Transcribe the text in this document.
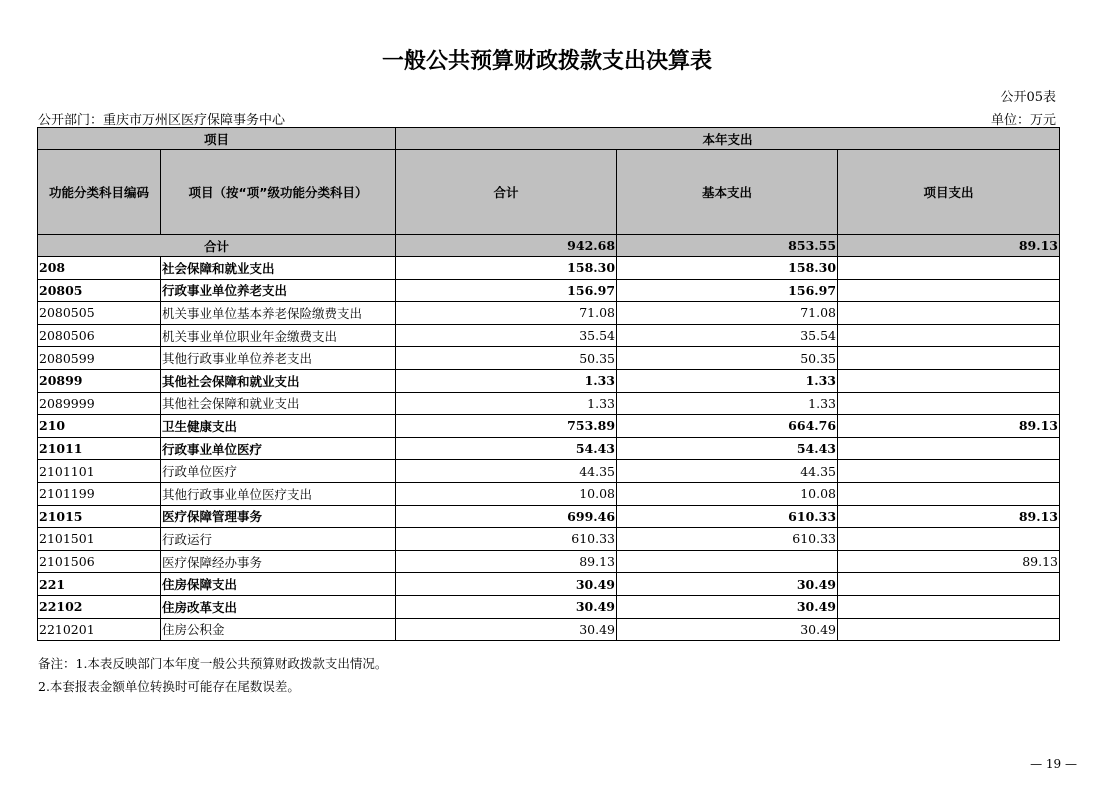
一般公共预算财政拨款支出决算表
公开05表
公开部门：重庆市万州区医疗保障事务中心	单位：万元
项目		本年支出		
功能分类科目编码	项目（按“项”级功能分类科目）	合计	基本支出	项目支出
合计		942.68	853.55	89.13
208	社会保障和就业支出	158.30	158.30	
20805	行政事业单位养老支出	156.97	156.97	
2080505	机关事业单位基本养老保险缴费支出	71.08	71.08	
2080506	机关事业单位职业年金缴费支出	35.54	35.54	
2080599	其他行政事业单位养老支出	50.35	50.35	
20899	其他社会保障和就业支出	1.33	1.33	
2089999	其他社会保障和就业支出	1.33	1.33	
210	卫生健康支出	753.89	664.76	89.13
21011	行政事业单位医疗	54.43	54.43	
2101101	行政单位医疗	44.35	44.35	
2101199	其他行政事业单位医疗支出	10.08	10.08	
21015	医疗保障管理事务	699.46	610.33	89.13
2101501	行政运行	610.33	610.33	
2101506	医疗保障经办事务	89.13		89.13
221	住房保障支出	30.49	30.49	
22102	住房改革支出	30.49	30.49	
2210201	住房公积金	30.49	30.49	
备注：1.本表反映部门本年度一般公共预算财政拨款支出情况。
2.本套报表金额单位转换时可能存在尾数误差。
— 19 —
